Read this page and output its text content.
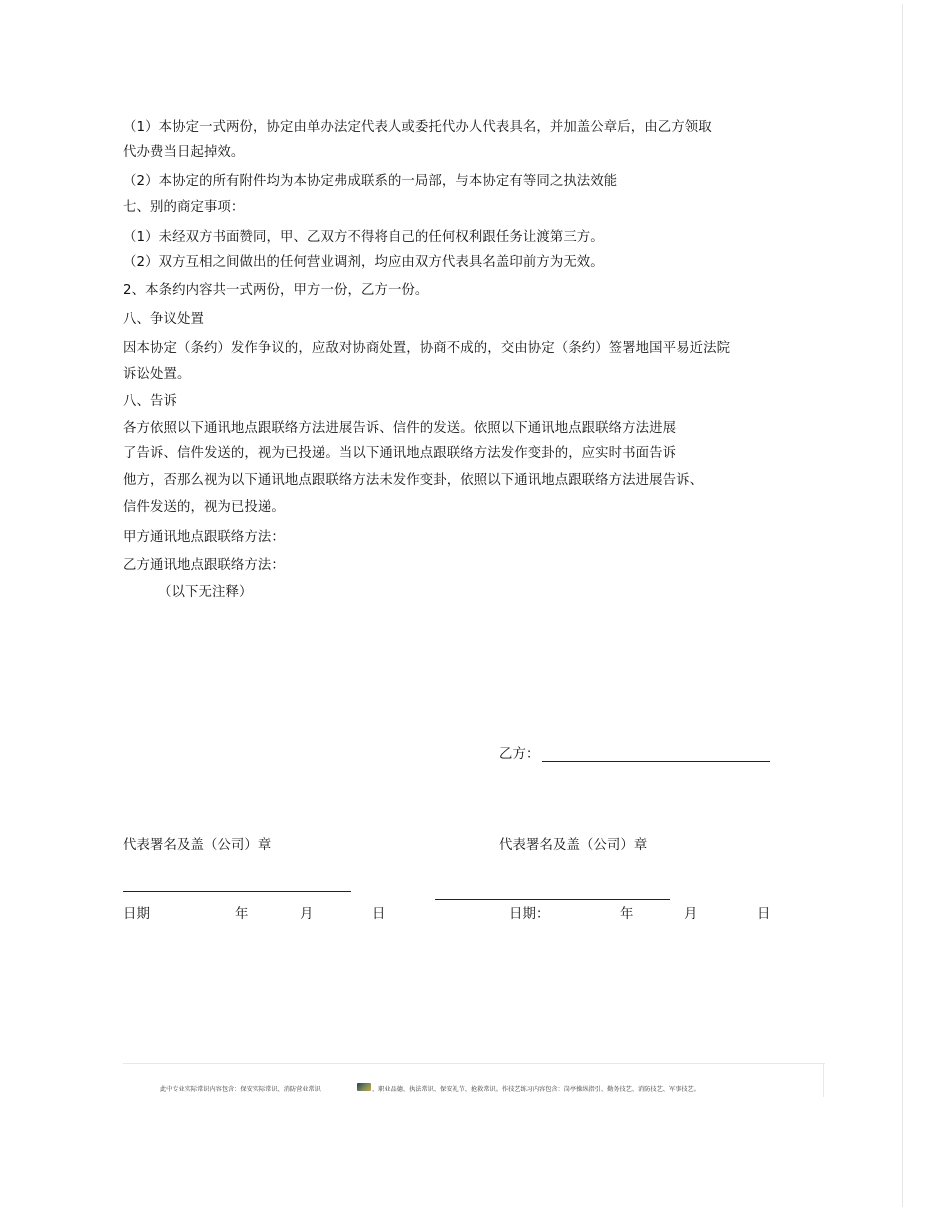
（1）本协定一式两份，协定由单办法定代表人或委托代办人代表具名，并加盖公章后，由乙方领取
代办费当日起掉效。
（2）本协定的所有附件均为本协定弗成联系的一局部，与本协定有等同之执法效能
七、别的商定事项：
（1）未经双方书面赞同，甲、乙双方不得将自己的任何权利跟任务让渡第三方。
（2）双方互相之间做出的任何营业调剂，均应由双方代表具名盖印前方为无效。
2、本条约内容共一式两份，甲方一份，乙方一份。
八、争议处置
因本协定（条约）发作争议的，应敌对协商处置，协商不成的，交由协定（条约）签署地国平易近法院
诉讼处置。
八、告诉
各方依照以下通讯地点跟联络方法进展告诉、信件的发送。依照以下通讯地点跟联络方法进展
了告诉、信件发送的，视为已投递。当以下通讯地点跟联络方法发作变卦的，应实时书面告诉
他方，否那么视为以下通讯地点跟联络方法未发作变卦，依照以下通讯地点跟联络方法进展告诉、
信件发送的，视为已投递。
甲方通讯地点跟联络方法：
乙方通讯地点跟联络方法：
（以下无注释）
乙方：
代表署名及盖（公司）章	代表署名及盖（公司）章
日期	年	月	日	日期：	年	月	日
此中专业实际常识内容包含：保安实际常识、消防营业常识	、职业品德、执法常识、保安礼节、抢救常识。作技艺练习内容包含：岗亭操纵指引、勤务技艺、消防技艺、军事技艺。
